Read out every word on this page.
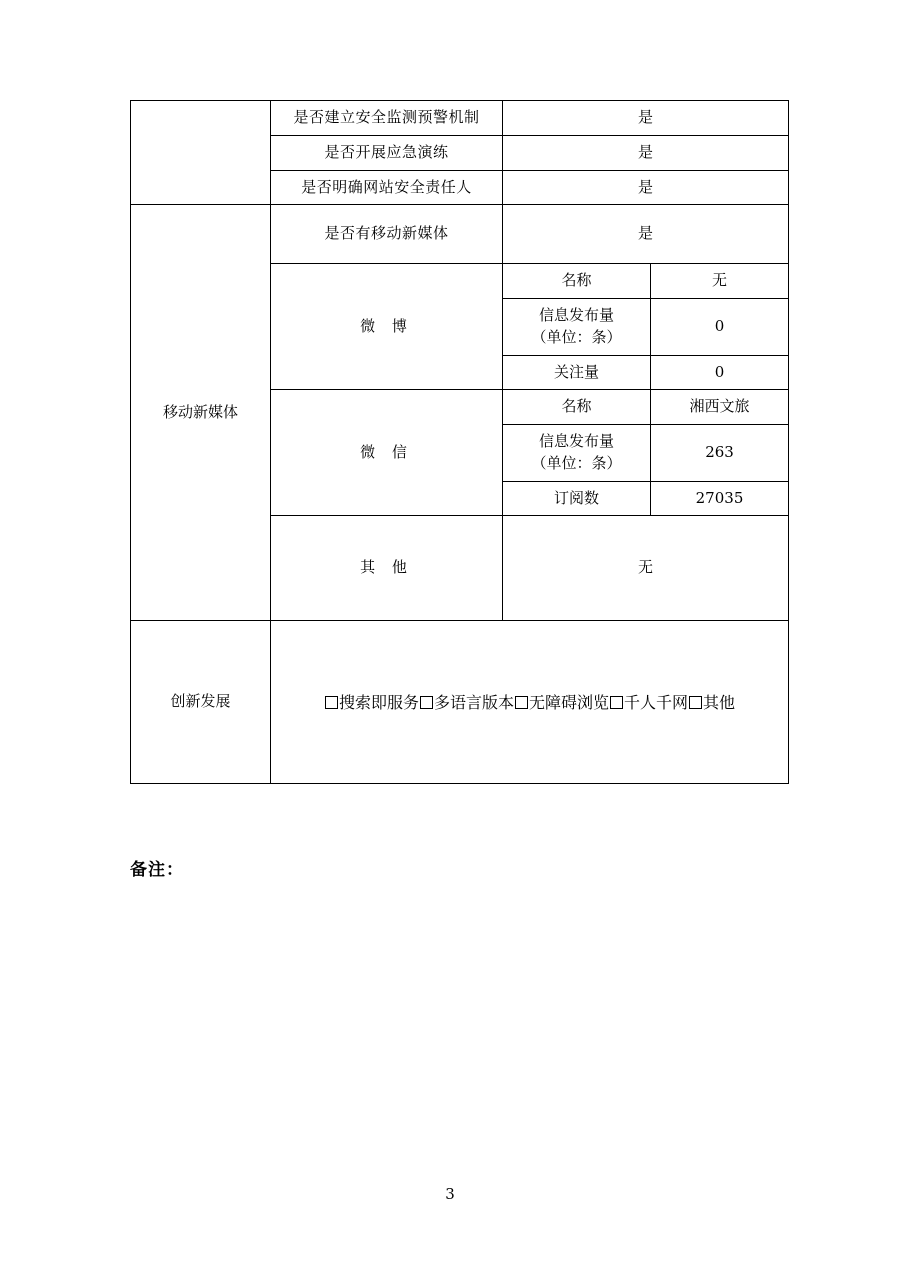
	是否建立安全监测预警机制	是	
	是否开展应急演练	是	
	是否明确网站安全责任人	是	
移动新媒体	是否有移动新媒体	是	
	微 博	名称	无

		信息发布量
（单位：条）	0
		关注量	0
	微 信	名称	湘西文旅

		信息发布量
（单位：条）	263
		订阅数	27035
	其 他	无	
创新发展	搜索即服务 多语言版本 无障碍浏览 千人千网 其他		
备注：
3
